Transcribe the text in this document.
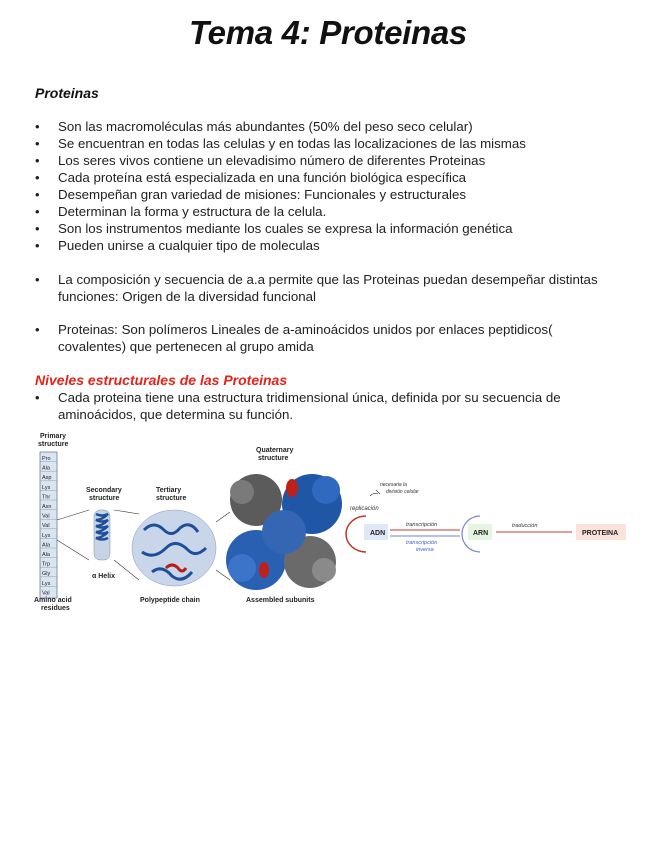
Tema 4: Proteinas
Proteinas
• Son las macromoléculas más abundantes (50% del peso seco celular)
• Se encuentran en todas las celulas y en todas las localizaciones de las mismas
• Los seres vivos contiene un elevadisimo número de diferentes Proteinas
• Cada proteína está especializada en una función biológica específica
• Desempeñan gran variedad de misiones: Funcionales y estructurales
• Determinan la forma y estructura de la celula.
• Son los instrumentos mediante los cuales se expresa la información genética
• Pueden unirse a cualquier tipo de moleculas
• La composición y secuencia de a.a permite que las Proteinas puedan desempeñar distintas funciones: Origen de la diversidad funcional
• Proteinas: Son polímeros Lineales de a-aminoácidos unidos por enlaces peptidicos( covalentes) que pertenecen al grupo amida
Niveles estructurales de las Proteinas
• Cada proteina tiene una estructura tridimensional única, definida por su secuencia de aminoácidos, que determina su función.
Primary
structure
Pro
Ala
Asp
Lys
Thr
Asn
Val
Val
Lys
Ala
Ala
Trp
Gly
Lys
Val
Amino acid
residues
Secondary
structure
α Helix
Tertiary
structure
Polypeptide chain
Quaternary
structure
Assembled subunits
necesaria la
división celular
replicación
ADN
transcripción
transcripción
inversa
ARN
traducción
PROTEINA
